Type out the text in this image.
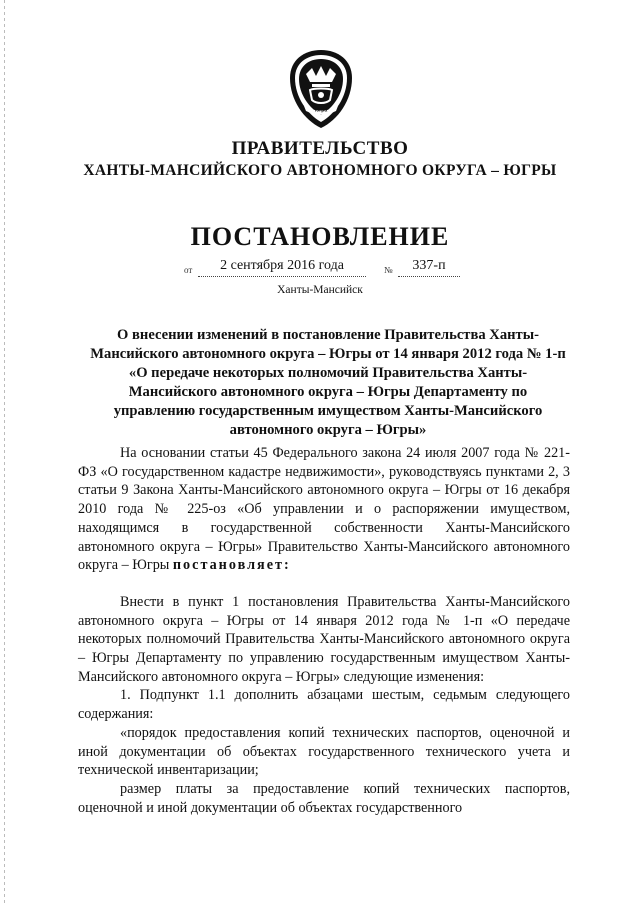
югра
ПРАВИТЕЛЬСТВО
ХАНТЫ-МАНСИЙСКОГО АВТОНОМНОГО ОКРУГА – ЮГРЫ
ПОСТАНОВЛЕНИЕ
от	2 сентября 2016 года	№	337-п
Ханты-Мансийск
О внесении изменений в постановление Правительства Ханты-Мансийского автономного округа – Югры от 14 января 2012 года № 1-п «О передаче некоторых полномочий Правительства Ханты-Мансийского автономного округа – Югры Департаменту по управлению государственным имуществом Ханты-Мансийского автономного округа – Югры»

На основании статьи 45 Федерального закона 24 июля 2007 года № 221-ФЗ «О государственном кадастре недвижимости», руководствуясь пунктами 2, 3 статьи 9 Закона Ханты-Мансийского автономного округа – Югры от 16 декабря 2010 года № 225-оз «Об управлении и о распоряжении имуществом, находящимся в государственной собственности Ханты-Мансийского автономного округа – Югры» Правительство Ханты-Мансийского автономного округа – Югры постановляет:

Внести в пункт 1 постановления Правительства Ханты-Мансийского автономного округа – Югры от 14 января 2012 года № 1-п «О передаче некоторых полномочий Правительства Ханты-Мансийского автономного округа – Югры Департаменту по управлению государственным имуществом Ханты-Мансийского автономного округа – Югры» следующие изменения:

1. Подпункт 1.1 дополнить абзацами шестым, седьмым следующего содержания:

«порядок предоставления копий технических паспортов, оценочной и иной документации об объектах государственного технического учета и технической инвентаризации;

размер платы за предоставление копий технических паспортов, оценочной и иной документации об объектах государственного
